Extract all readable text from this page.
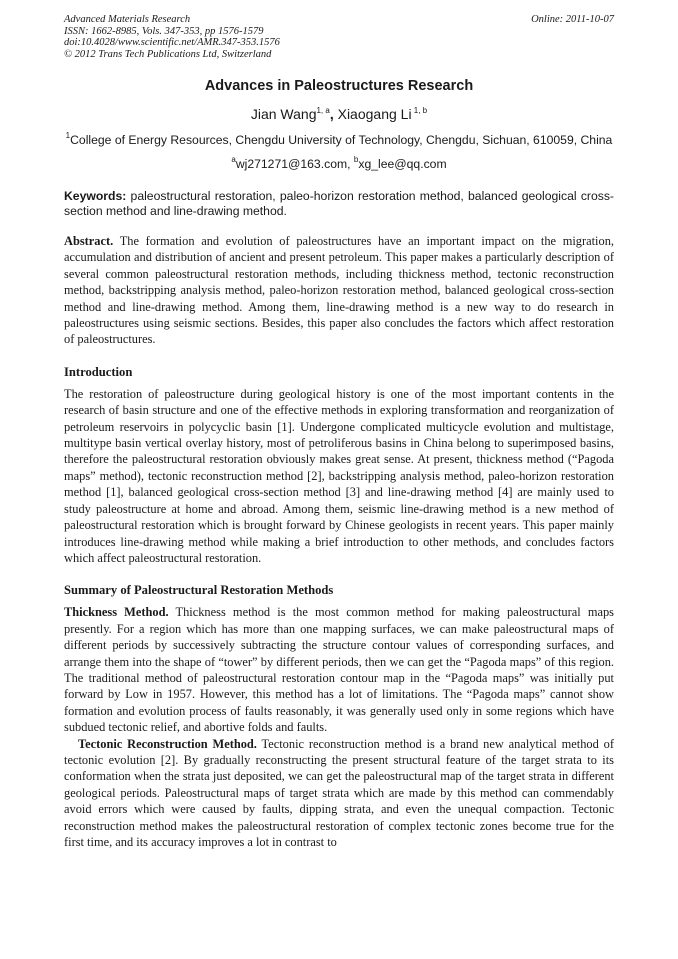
Advanced Materials Research
ISSN: 1662-8985, Vols. 347-353, pp 1576-1579
doi:10.4028/www.scientific.net/AMR.347-353.1576
© 2012 Trans Tech Publications Ltd, Switzerland
Online: 2011-10-07
Advances in Paleostructures Research
Jian Wang$^{1, a}$, Xiaogang Li $^{1, b}$
$^1$College of Energy Resources, Chengdu University of Technology, Chengdu, Sichuan, 610059, China
$^a$wj271271@163.com, $^b$xg_lee@qq.com
Keywords: paleostructural restoration, paleo-horizon restoration method, balanced geological cross-section method and line-drawing method.
Abstract. The formation and evolution of paleostructures have an important impact on the migration, accumulation and distribution of ancient and present petroleum. This paper makes a particularly description of several common paleostructural restoration methods, including thickness method, tectonic reconstruction method, backstripping analysis method, paleo-horizon restoration method, balanced geological cross-section method and line-drawing method. Among them, line-drawing method is a new way to do research in paleostructures using seismic sections. Besides, this paper also concludes the factors which affect restoration of paleostructures.
Introduction
The restoration of paleostructure during geological history is one of the most important contents in the research of basin structure and one of the effective methods in exploring transformation and reorganization of petroleum reservoirs in polycyclic basin [1]. Undergone complicated multicycle evolution and multistage, multitype basin vertical overlay history, most of petroliferous basins in China belong to superimposed basins, therefore the paleostructural restoration obviously makes great sense. At present, thickness method (“Pagoda maps” method), tectonic reconstruction method [2], backstripping analysis method, paleo-horizon restoration method [1], balanced geological cross-section method [3] and line-drawing method [4] are mainly used to study paleostructure at home and abroad. Among them, seismic line-drawing method is a new method of paleostructural restoration which is brought forward by Chinese geologists in recent years. This paper mainly introduces line-drawing method while making a brief introduction to other methods, and concludes factors which affect paleostructural restoration.
Summary of Paleostructural Restoration Methods
Thickness Method. Thickness method is the most common method for making paleostructural maps presently. For a region which has more than one mapping surfaces, we can make paleostructural maps of different periods by successively subtracting the structure contour values of corresponding surfaces, and arrange them into the shape of “tower” by different periods, then we can get the “Pagoda maps” of this region. The traditional method of paleostructural restoration contour map in the “Pagoda maps” was initially put forward by Low in 1957. However, this method has a lot of limitations. The “Pagoda maps” cannot show formation and evolution process of faults reasonably, it was generally used only in some regions which have subdued tectonic relief, and abortive folds and faults.
Tectonic Reconstruction Method. Tectonic reconstruction method is a brand new analytical method of tectonic evolution [2]. By gradually reconstructing the present structural feature of the target strata to its conformation when the strata just deposited, we can get the paleostructural map of the target strata in different geological periods. Paleostructural maps of target strata which are made by this method can commendably avoid errors which were caused by faults, dipping strata, and even the unequal compaction. Tectonic reconstruction method makes the paleostructural restoration of complex tectonic zones become true for the first time, and its accuracy improves a lot in contrast to
